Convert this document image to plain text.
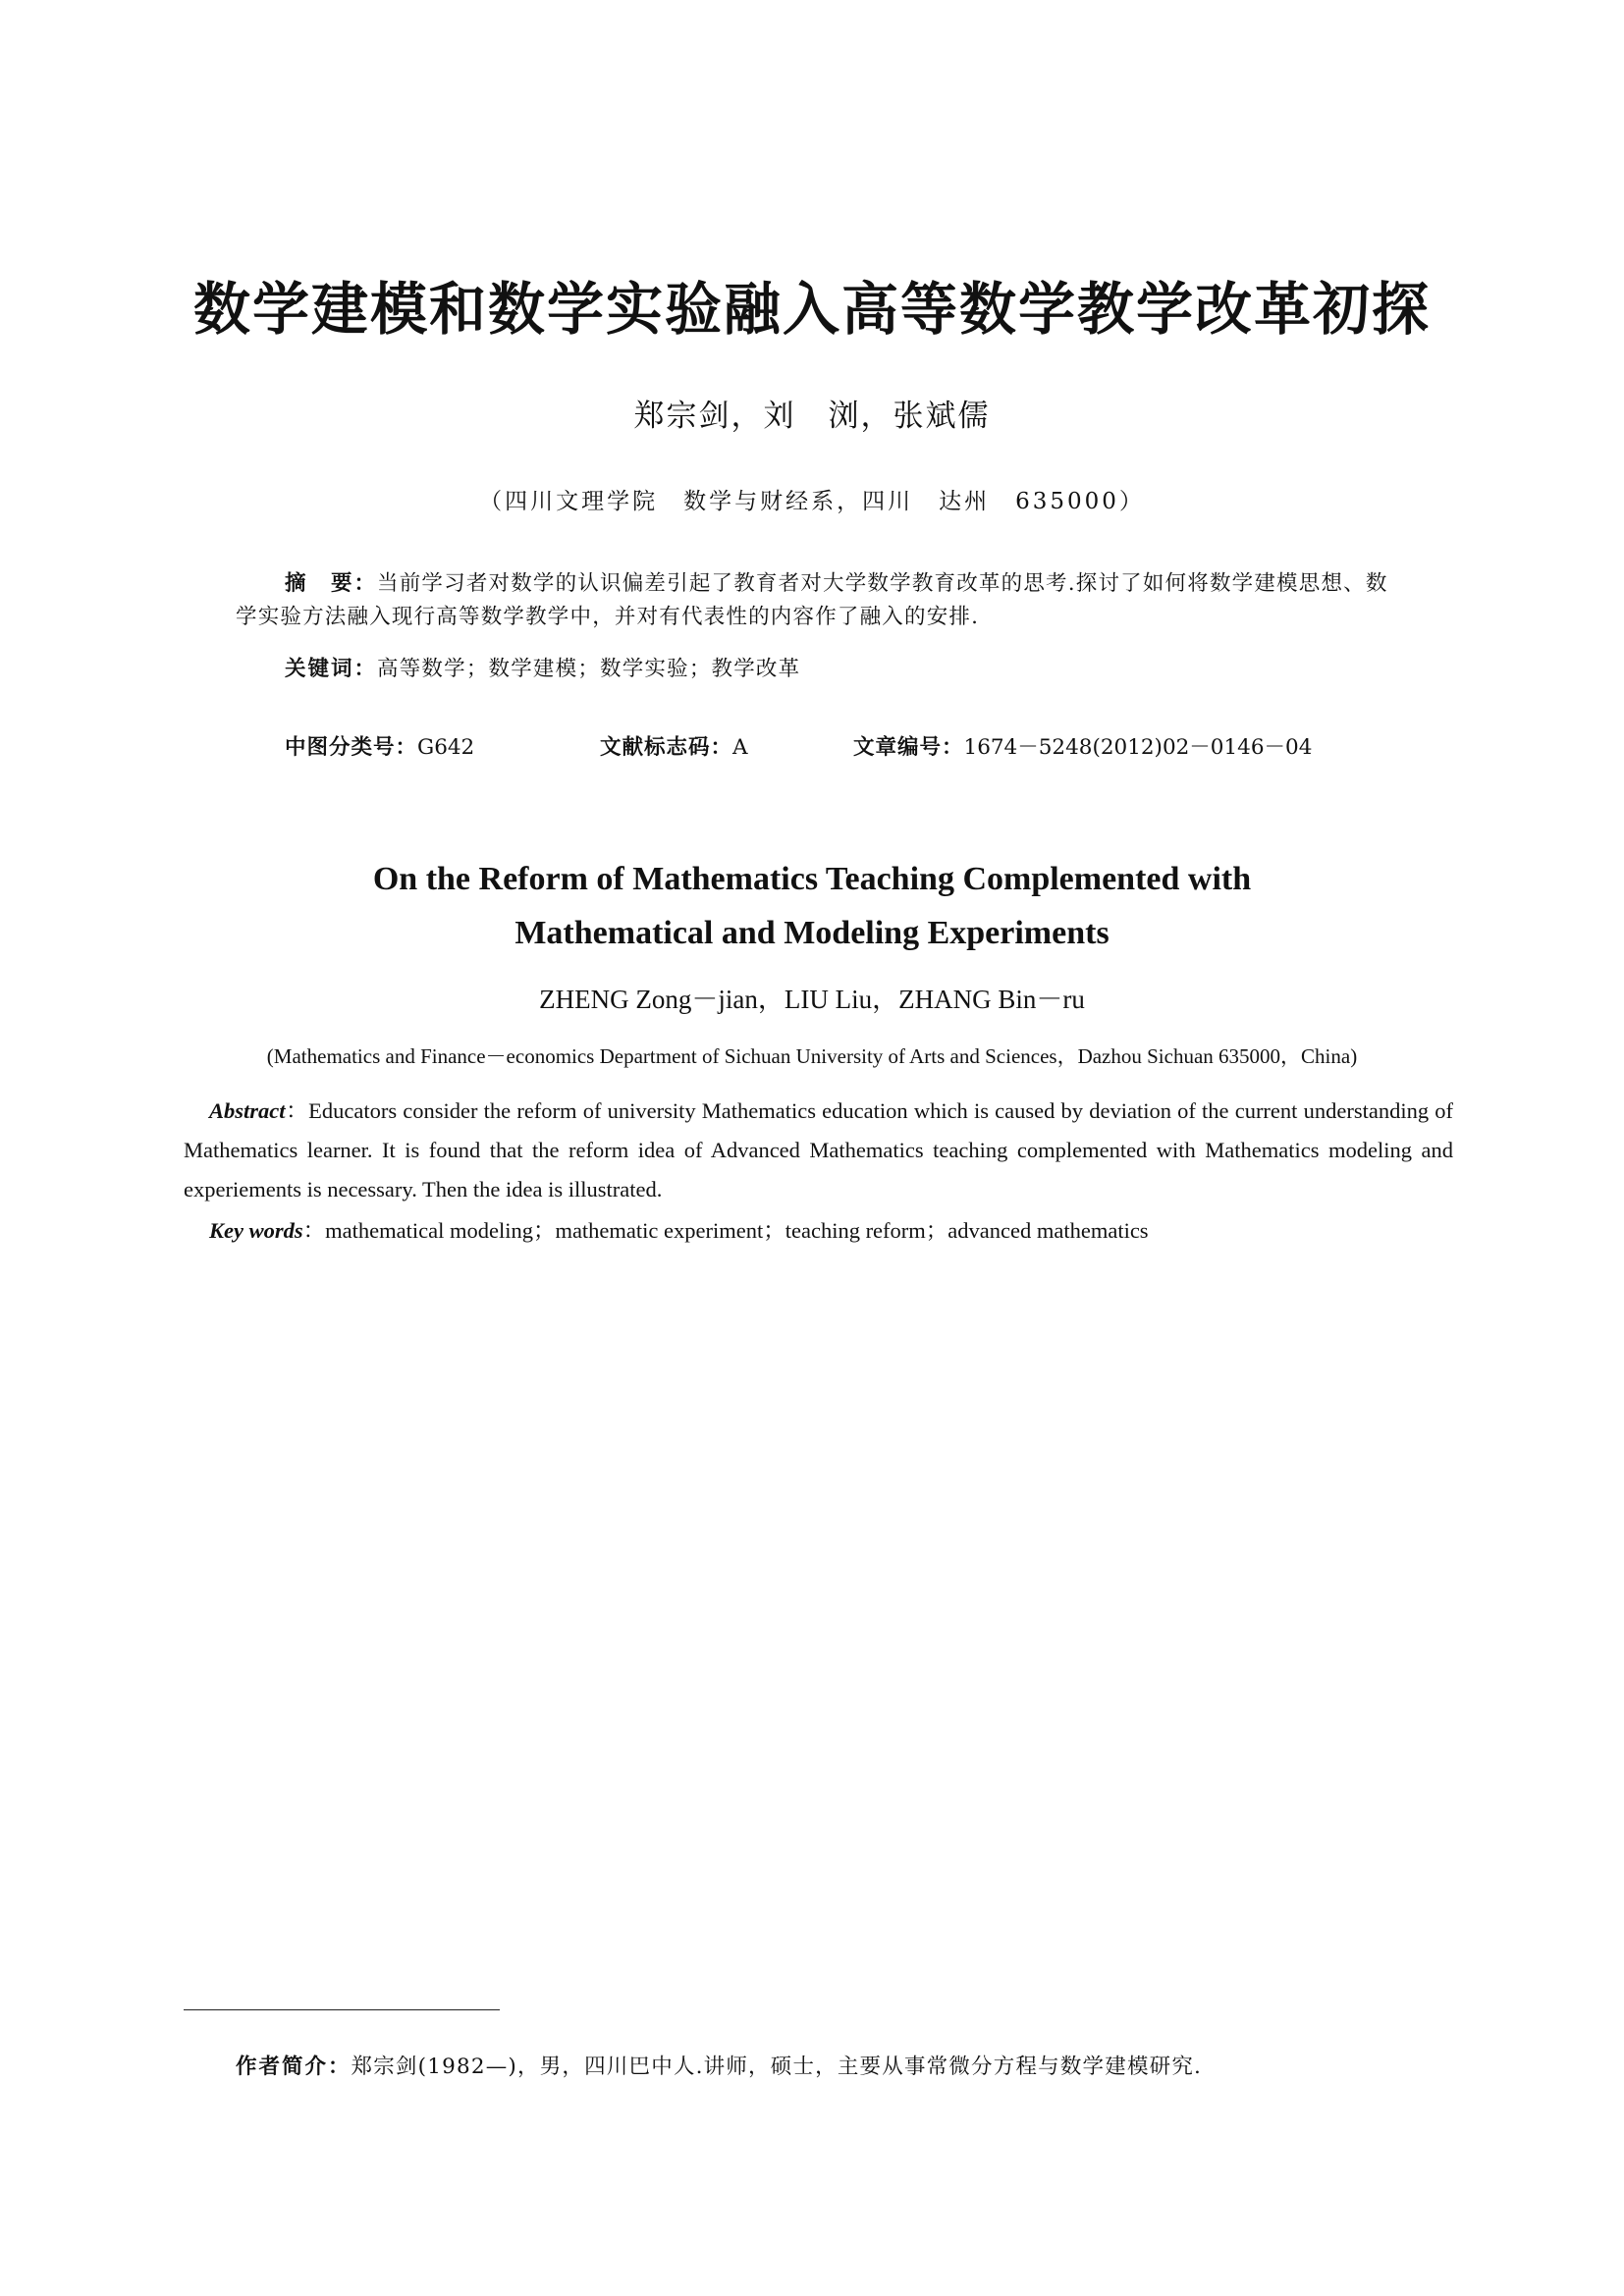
数学建模和数学实验融入高等数学教学改革初探
郑宗剑，刘　浏，张斌儒
（四川文理学院　数学与财经系，四川　达州　635000）
摘　要：当前学习者对数学的认识偏差引起了教育者对大学数学教育改革的思考.探讨了如何将数学建模思想、数学实验方法融入现行高等数学教学中，并对有代表性的内容作了融入的安排.
关键词：高等数学；数学建模；数学实验；教学改革
中图分类号：G642	文献标志码：A	文章编号：1674－5248(2012)02－0146－04
On the Reform of Mathematics Teaching Complemented with
Mathematical and Modeling Experiments
ZHENG Zong－jian，LIU Liu，ZHANG Bin－ru
(Mathematics and Finance－economics Department of Sichuan University of Arts and Sciences，Dazhou Sichuan 635000，China)
Abstract：Educators consider the reform of university Mathematics education which is caused by deviation of the current understanding of Mathematics learner. It is found that the reform idea of Advanced Mathematics teaching complemented with Mathematics modeling and experiements is necessary. Then the idea is illustrated.
Key words：mathematical modeling；mathematic experiment；teaching reform；advanced mathematics
作者简介：郑宗剑(1982—)，男，四川巴中人.讲师，硕士，主要从事常微分方程与数学建模研究.
